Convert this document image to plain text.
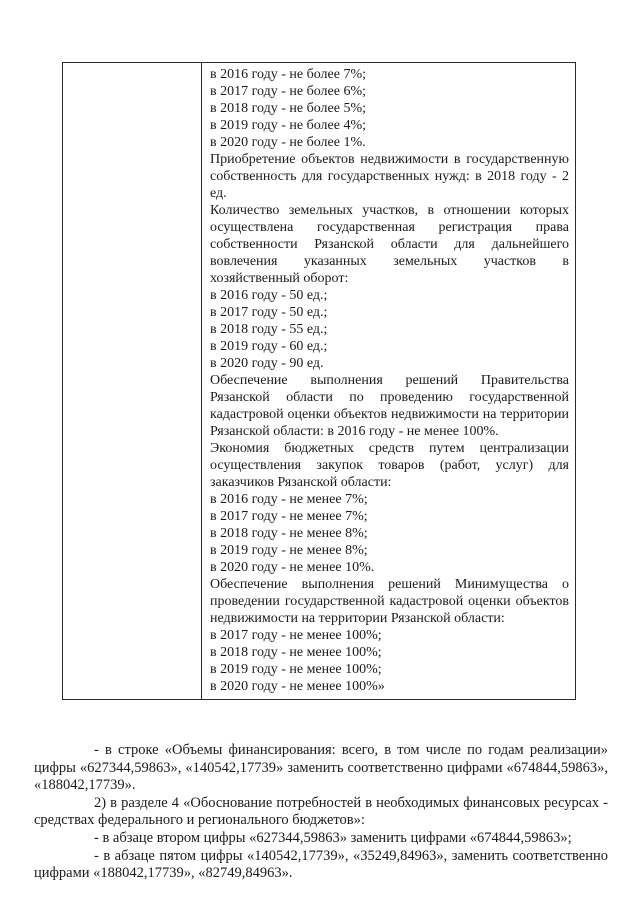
в 2016 году - не более 7%;

в 2017 году - не более 6%;

в 2018 году - не более 5%;

в 2019 году - не более 4%;

в 2020 году - не более 1%.

Приобретение объектов недвижимости в государственную собственность для государственных нужд: в 2018 году - 2 ед.

Количество земельных участков, в отношении которых осуществлена государственная регистрация права собственности Рязанской области для дальнейшего вовлечения указанных земельных участков в хозяйственный оборот:

в 2016 году - 50 ед.;

в 2017 году - 50 ед.;

в 2018 году - 55 ед.;

в 2019 году - 60 ед.;

в 2020 году - 90 ед.

Обеспечение выполнения решений Правительства Рязанской области по проведению государственной кадастровой оценки объектов недвижимости на территории Рязанской области: в 2016 году - не менее 100%.

Экономия бюджетных средств путем централизации осуществления закупок товаров (работ, услуг) для заказчиков Рязанской области:

в 2016 году - не менее 7%;

в 2017 году - не менее 7%;

в 2018 году - не менее 8%;

в 2019 году - не менее 8%;

в 2020 году - не менее 10%.

Обеспечение выполнения решений Минимущества о проведении государственной кадастровой оценки объектов недвижимости на территории Рязанской области:

в 2017 году - не менее 100%;

в 2018 году - не менее 100%;

в 2019 году - не менее 100%;

в 2020 году - не менее 100%»

- в строке «Объемы финансирования: всего, в том числе по годам реализации» цифры «627344,59863», «140542,17739» заменить соответственно цифрами «674844,59863», «188042,17739».

2) в разделе 4 «Обоснование потребностей в необходимых финансовых ресурсах - средствах федерального и регионального бюджетов»:

- в абзаце втором цифры «627344,59863» заменить цифрами «674844,59863»;

- в абзаце пятом цифры «140542,17739», «35249,84963», заменить соответственно цифрами «188042,17739», «82749,84963».
